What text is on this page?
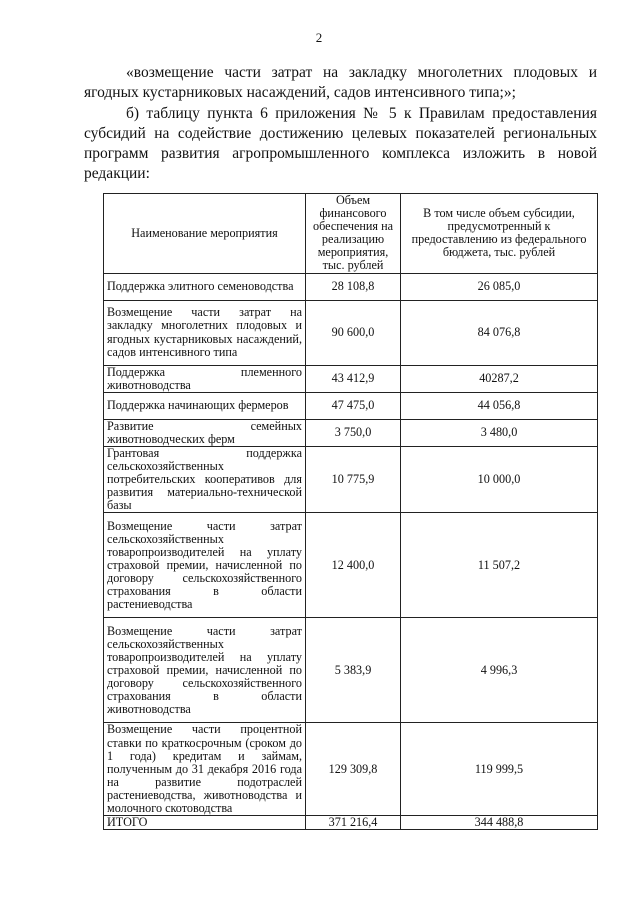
2

«возмещение части затрат на закладку многолетних плодовых и ягодных кустарниковых насаждений, садов интенсивного типа;»;

б) таблицу пункта 6 приложения № 5 к Правилам предоставления субсидий на содействие достижению целевых показателей региональных программ развития агропромышленного комплекса изложить в новой редакции:

Наименование мероприятия	Объем финансового обеспечения на реализацию мероприятия, тыс. рублей	В том числе объем субсидии, предусмотренный к предоставлению из федерального бюджета, тыс. рублей
Поддержка элитного семеноводства	28 108,8	26 085,0
Возмещение части затрат на закладку многолетних плодовых и ягодных кустарниковых насаждений, садов интенсивного типа	90 600,0	84 076,8
Поддержка племенного животноводства	43 412,9	40287,2
Поддержка начинающих фермеров	47 475,0	44 056,8
Развитие семейных животноводческих ферм	3 750,0	3 480,0
Грантовая поддержка сельскохозяйственных потребительских кооперативов для развития материально-технической базы	10 775,9	10 000,0
Возмещение части затрат сельскохозяйственных товаропроизводителей на уплату страховой премии, начисленной по договору сельскохозяйственного страхования в области растениеводства	12 400,0	11 507,2
Возмещение части затрат сельскохозяйственных товаропроизводителей на уплату страховой премии, начисленной по договору сельскохозяйственного страхования в области животноводства	5 383,9	4 996,3
Возмещение части процентной ставки по краткосрочным (сроком до 1 года) кредитам и займам, полученным до 31 декабря 2016 года на развитие подотраслей растениеводства, животноводства и молочного скотоводства	129 309,8	119 999,5
ИТОГО	371 216,4	344 488,8
